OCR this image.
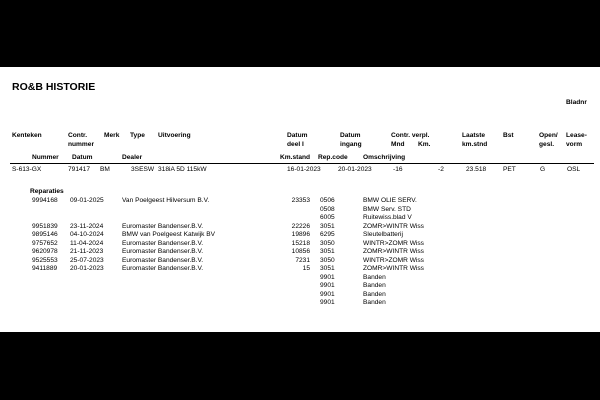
RO&B HISTORIE
Bladnr
Kenteken	Contr.
nummer
Merk Type Uitvoering	Datum
deel I
Datum
ingang
Contr. verpl.
Mnd Km.
Laatste
km.stnd
Bst	Open/
gesl.
Lease-
vorm
Nummer Datum	Dealer	Km.stand Rep.code Omschrijving
S-613-GX	791417 BM	3SESW 318iA 5D 115kW	16-01-2023	20-01-2023	-16	-2	23.518	PET	G	OSL
Reparaties
9994168 09-01-2025	Van Poelgeest Hilversum B.V.	23353 0506	BMW OLIE SERV.
0508	BMW Serv. STD
6005	Ruitewiss.blad V
9951839 23-11-2024	Euromaster Bandenser.B.V.	22226 3051	ZOMR>WINTR Wiss
9895146 04-10-2024	BMW van Poelgeest Katwijk BV	19896 6295	Sleutelbatterij
9757652 11-04-2024	Euromaster Bandenser.B.V.	15218 3050	WINTR>ZOMR Wiss
9620978 21-11-2023	Euromaster Bandenser.B.V.	10856 3051	ZOMR>WINTR Wiss
9525553 25-07-2023	Euromaster Bandenser.B.V.	7231 3050	WINTR>ZOMR Wiss
9411889 20-01-2023	Euromaster Bandenser.B.V.	15 3051	ZOMR>WINTR Wiss
9901	Banden
9901	Banden
9901	Banden
9901	Banden
